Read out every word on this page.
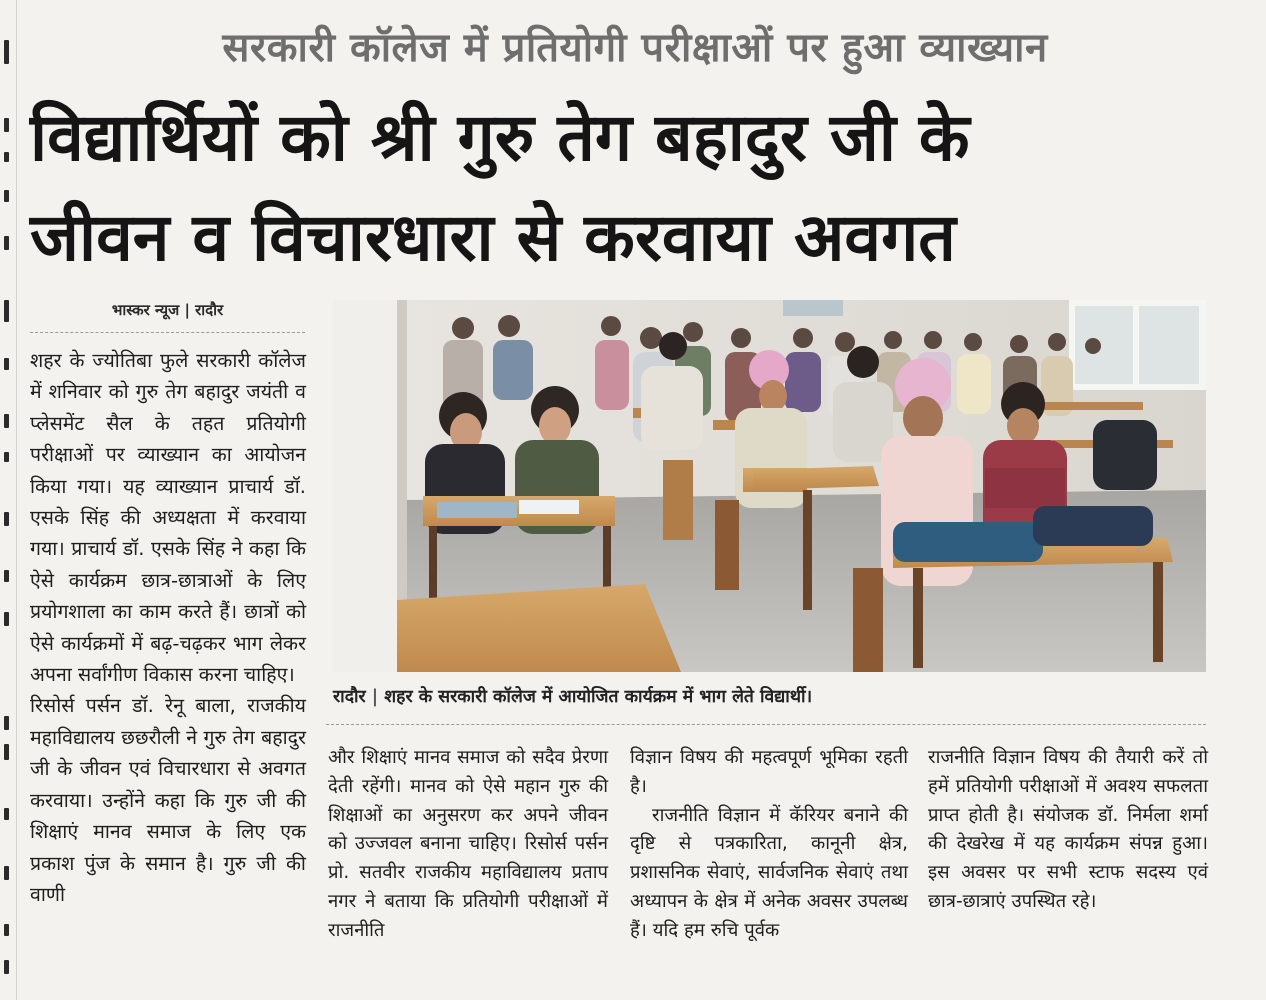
सरकारी कॉलेज में प्रतियोगी परीक्षाओं पर हुआ व्याख्यान
विद्यार्थियों को श्री गुरु तेग बहादुर जी के
जीवन व विचारधारा से करवाया अवगत
भास्कर न्यूज | रादौर

शहर के ज्योतिबा फुले सरकारी कॉलेज में शनिवार को गुरु तेग बहादुर जयंती व प्लेसमेंट सैल के तहत प्रतियोगी परीक्षाओं पर व्याख्यान का आयोजन किया गया। यह व्याख्यान प्राचार्य डॉ. एसके सिंह की अध्यक्षता में करवाया गया। प्राचार्य डॉ. एसके सिंह ने कहा कि ऐसे कार्यक्रम छात्र-छात्राओं के लिए प्रयोगशाला का काम करते हैं। छात्रों को ऐसे कार्यक्रमों में बढ़-चढ़कर भाग लेकर अपना सर्वांगीण विकास करना चाहिए।

रिसोर्स पर्सन डॉ. रेनू बाला, राजकीय महाविद्यालय छछरौली ने गुरु तेग बहादुर जी के जीवन एवं विचारधारा से अवगत करवाया। उन्होंने कहा कि गुरु जी की शिक्षाएं मानव समाज के लिए एक प्रकाश पुंज के समान है। गुरु जी की वाणी

रादौर | शहर के सरकारी कॉलेज में आयोजित कार्यक्रम में भाग लेते विद्यार्थी।

और शिक्षाएं मानव समाज को सदैव प्रेरणा देती रहेंगी। मानव को ऐसे महान गुरु की शिक्षाओं का अनुसरण कर अपने जीवन को उज्जवल बनाना चाहिए। रिसोर्स पर्सन प्रो. सतवीर राजकीय महाविद्यालय प्रताप नगर ने बताया कि प्रतियोगी परीक्षाओं में राजनीति

विज्ञान विषय की महत्वपूर्ण भूमिका रहती है।

राजनीति विज्ञान में कॅरियर बनाने की दृष्टि से पत्रकारिता, कानूनी क्षेत्र, प्रशासनिक सेवाएं, सार्वजनिक सेवाएं तथा अध्यापन के क्षेत्र में अनेक अवसर उपलब्ध हैं। यदि हम रुचि पूर्वक

राजनीति विज्ञान विषय की तैयारी करें तो हमें प्रतियोगी परीक्षाओं में अवश्य सफलता प्राप्त होती है। संयोजक डॉ. निर्मला शर्मा की देखरेख में यह कार्यक्रम संपन्न हुआ। इस अवसर पर सभी स्टाफ सदस्य एवं छात्र-छात्राएं उपस्थित रहे।
